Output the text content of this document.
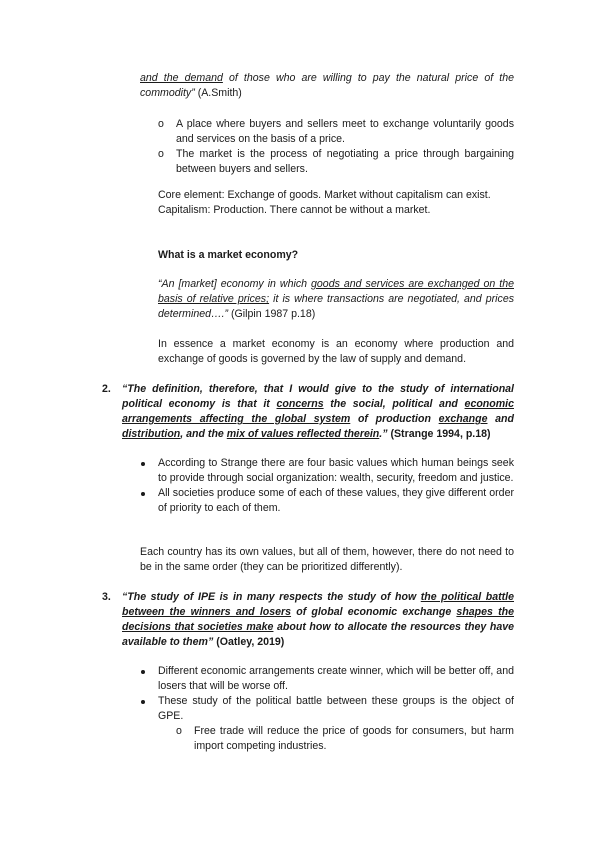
and the demand of those who are willing to pay the natural price of the commodity” (A.Smith)

o	A place where buyers and sellers meet to exchange voluntarily goods and services on the basis of a price.

o	The market is the process of negotiating a price through bargaining between buyers and sellers.

Core element: Exchange of goods. Market without capitalism can exist.

Capitalism: Production. There cannot be without a market.

What is a market economy?

“An [market] economy in which goods and services are exchanged on the basis of relative prices; it is where transactions are negotiated, and prices determined….” (Gilpin 1987 p.18)

In essence a market economy is an economy where production and exchange of goods is governed by the law of supply and demand.

2. “The definition, therefore, that I would give to the study of international political economy is that it concerns the social, political and economic arrangements affecting the global system of production exchange and distribution, and the mix of values reflected therein.” (Strange 1994, p.18)

According to Strange there are four basic values which human beings seek to provide through social organization: wealth, security, freedom and justice.

All societies produce some of each of these values, they give different order of priority to each of them.

Each country has its own values, but all of them, however, there do not need to be in the same order (they can be prioritized differently).

3. “The study of IPE is in many respects the study of how the political battle between the winners and losers of global economic exchange shapes the decisions that societies make about how to allocate the resources they have available to them” (Oatley, 2019)

Different economic arrangements create winner, which will be better off, and losers that will be worse off.

These study of the political battle between these groups is the object of GPE.

o	Free trade will reduce the price of goods for consumers, but harm import competing industries.
